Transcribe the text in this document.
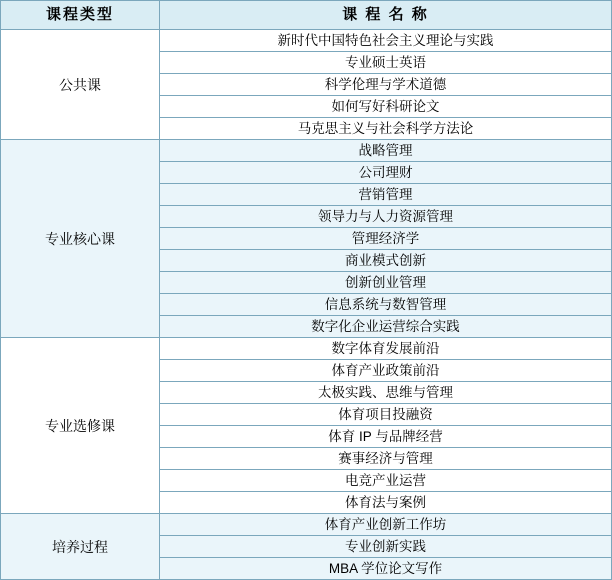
课程类型	课 程 名 称
公共课	新时代中国特色社会主义理论与实践
	专业硕士英语
	科学伦理与学术道德
	如何写好科研论文
	马克思主义与社会科学方法论
专业核心课	战略管理
	公司理财
	营销管理
	领导力与人力资源管理
	管理经济学
	商业模式创新
	创新创业管理
	信息系统与数智管理
	数字化企业运营综合实践
专业选修课	数字体育发展前沿
	体育产业政策前沿
	太极实践、思维与管理
	体育项目投融资
	体育 IP 与品牌经营
	赛事经济与管理
	电竞产业运营
	体育法与案例
培养过程	体育产业创新工作坊
	专业创新实践
	MBA 学位论文写作
